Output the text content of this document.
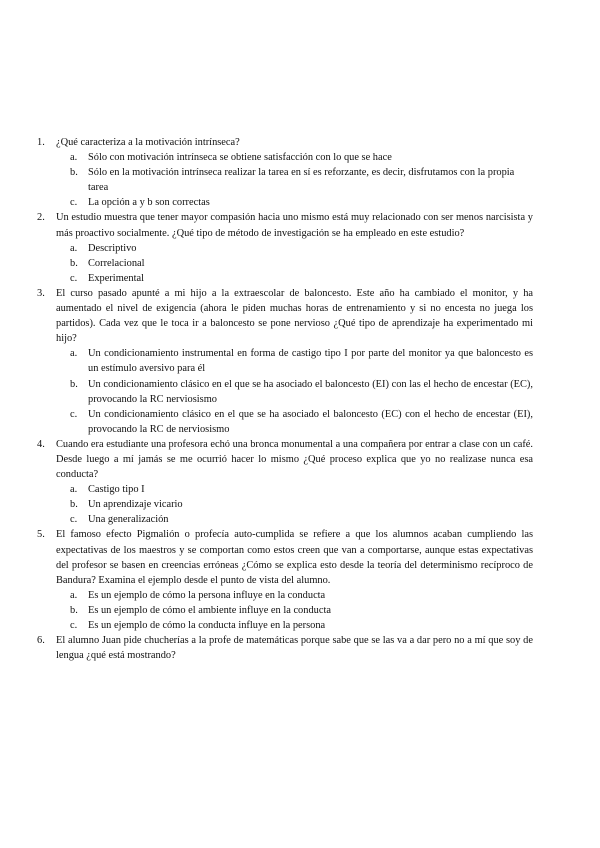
1. ¿Qué caracteriza a la motivación intrínseca?
a. Sólo con motivación intrínseca se obtiene satisfacción con lo que se hace
b. Sólo en la motivación intrínseca realizar la tarea en sí es reforzante, es decir, disfrutamos con la propia tarea
c. La opción a y b son correctas
2. Un estudio muestra que tener mayor compasión hacia uno mismo está muy relacionado con ser menos narcisista y más proactivo socialmente. ¿Qué tipo de método de investigación se ha empleado en este estudio?
a. Descriptivo
b. Correlacional
c. Experimental
3. El curso pasado apunté a mi hijo a la extraescolar de baloncesto. Este año ha cambiado el monitor, y ha aumentado el nivel de exigencia (ahora le piden muchas horas de entrenamiento y si no encesta no juega los partidos). Cada vez que le toca ir a baloncesto se pone nervioso ¿Qué tipo de aprendizaje ha experimentado mi hijo?
a. Un condicionamiento instrumental en forma de castigo tipo I por parte del monitor ya que baloncesto es un estímulo aversivo para él
b. Un condicionamiento clásico en el que se ha asociado el baloncesto (EI) con las el hecho de encestar (EC), provocando la RC nerviosismo
c. Un condicionamiento clásico en el que se ha asociado el baloncesto (EC) con el hecho de encestar (EI), provocando la RC de nerviosismo
4. Cuando era estudiante una profesora echó una bronca monumental a una compañera por entrar a clase con un café. Desde luego a mí jamás se me ocurrió hacer lo mismo ¿Qué proceso explica que yo no realizase nunca esa conducta?
a. Castigo tipo I
b. Un aprendizaje vicario
c. Una generalización
5. El famoso efecto Pigmalión o profecía auto-cumplida se refiere a que los alumnos acaban cumpliendo las expectativas de los maestros y se comportan como estos creen que van a comportarse, aunque estas expectativas del profesor se basen en creencias erróneas ¿Cómo se explica esto desde la teoría del determinismo recíproco de Bandura? Examina el ejemplo desde el punto de vista del alumno.
a. Es un ejemplo de cómo la persona influye en la conducta
b. Es un ejemplo de cómo el ambiente influye en la conducta
c. Es un ejemplo de cómo la conducta influye en la persona
6. El alumno Juan pide chucherías a la profe de matemáticas porque sabe que se las va a dar pero no a mí que soy de lengua ¿qué está mostrando?
